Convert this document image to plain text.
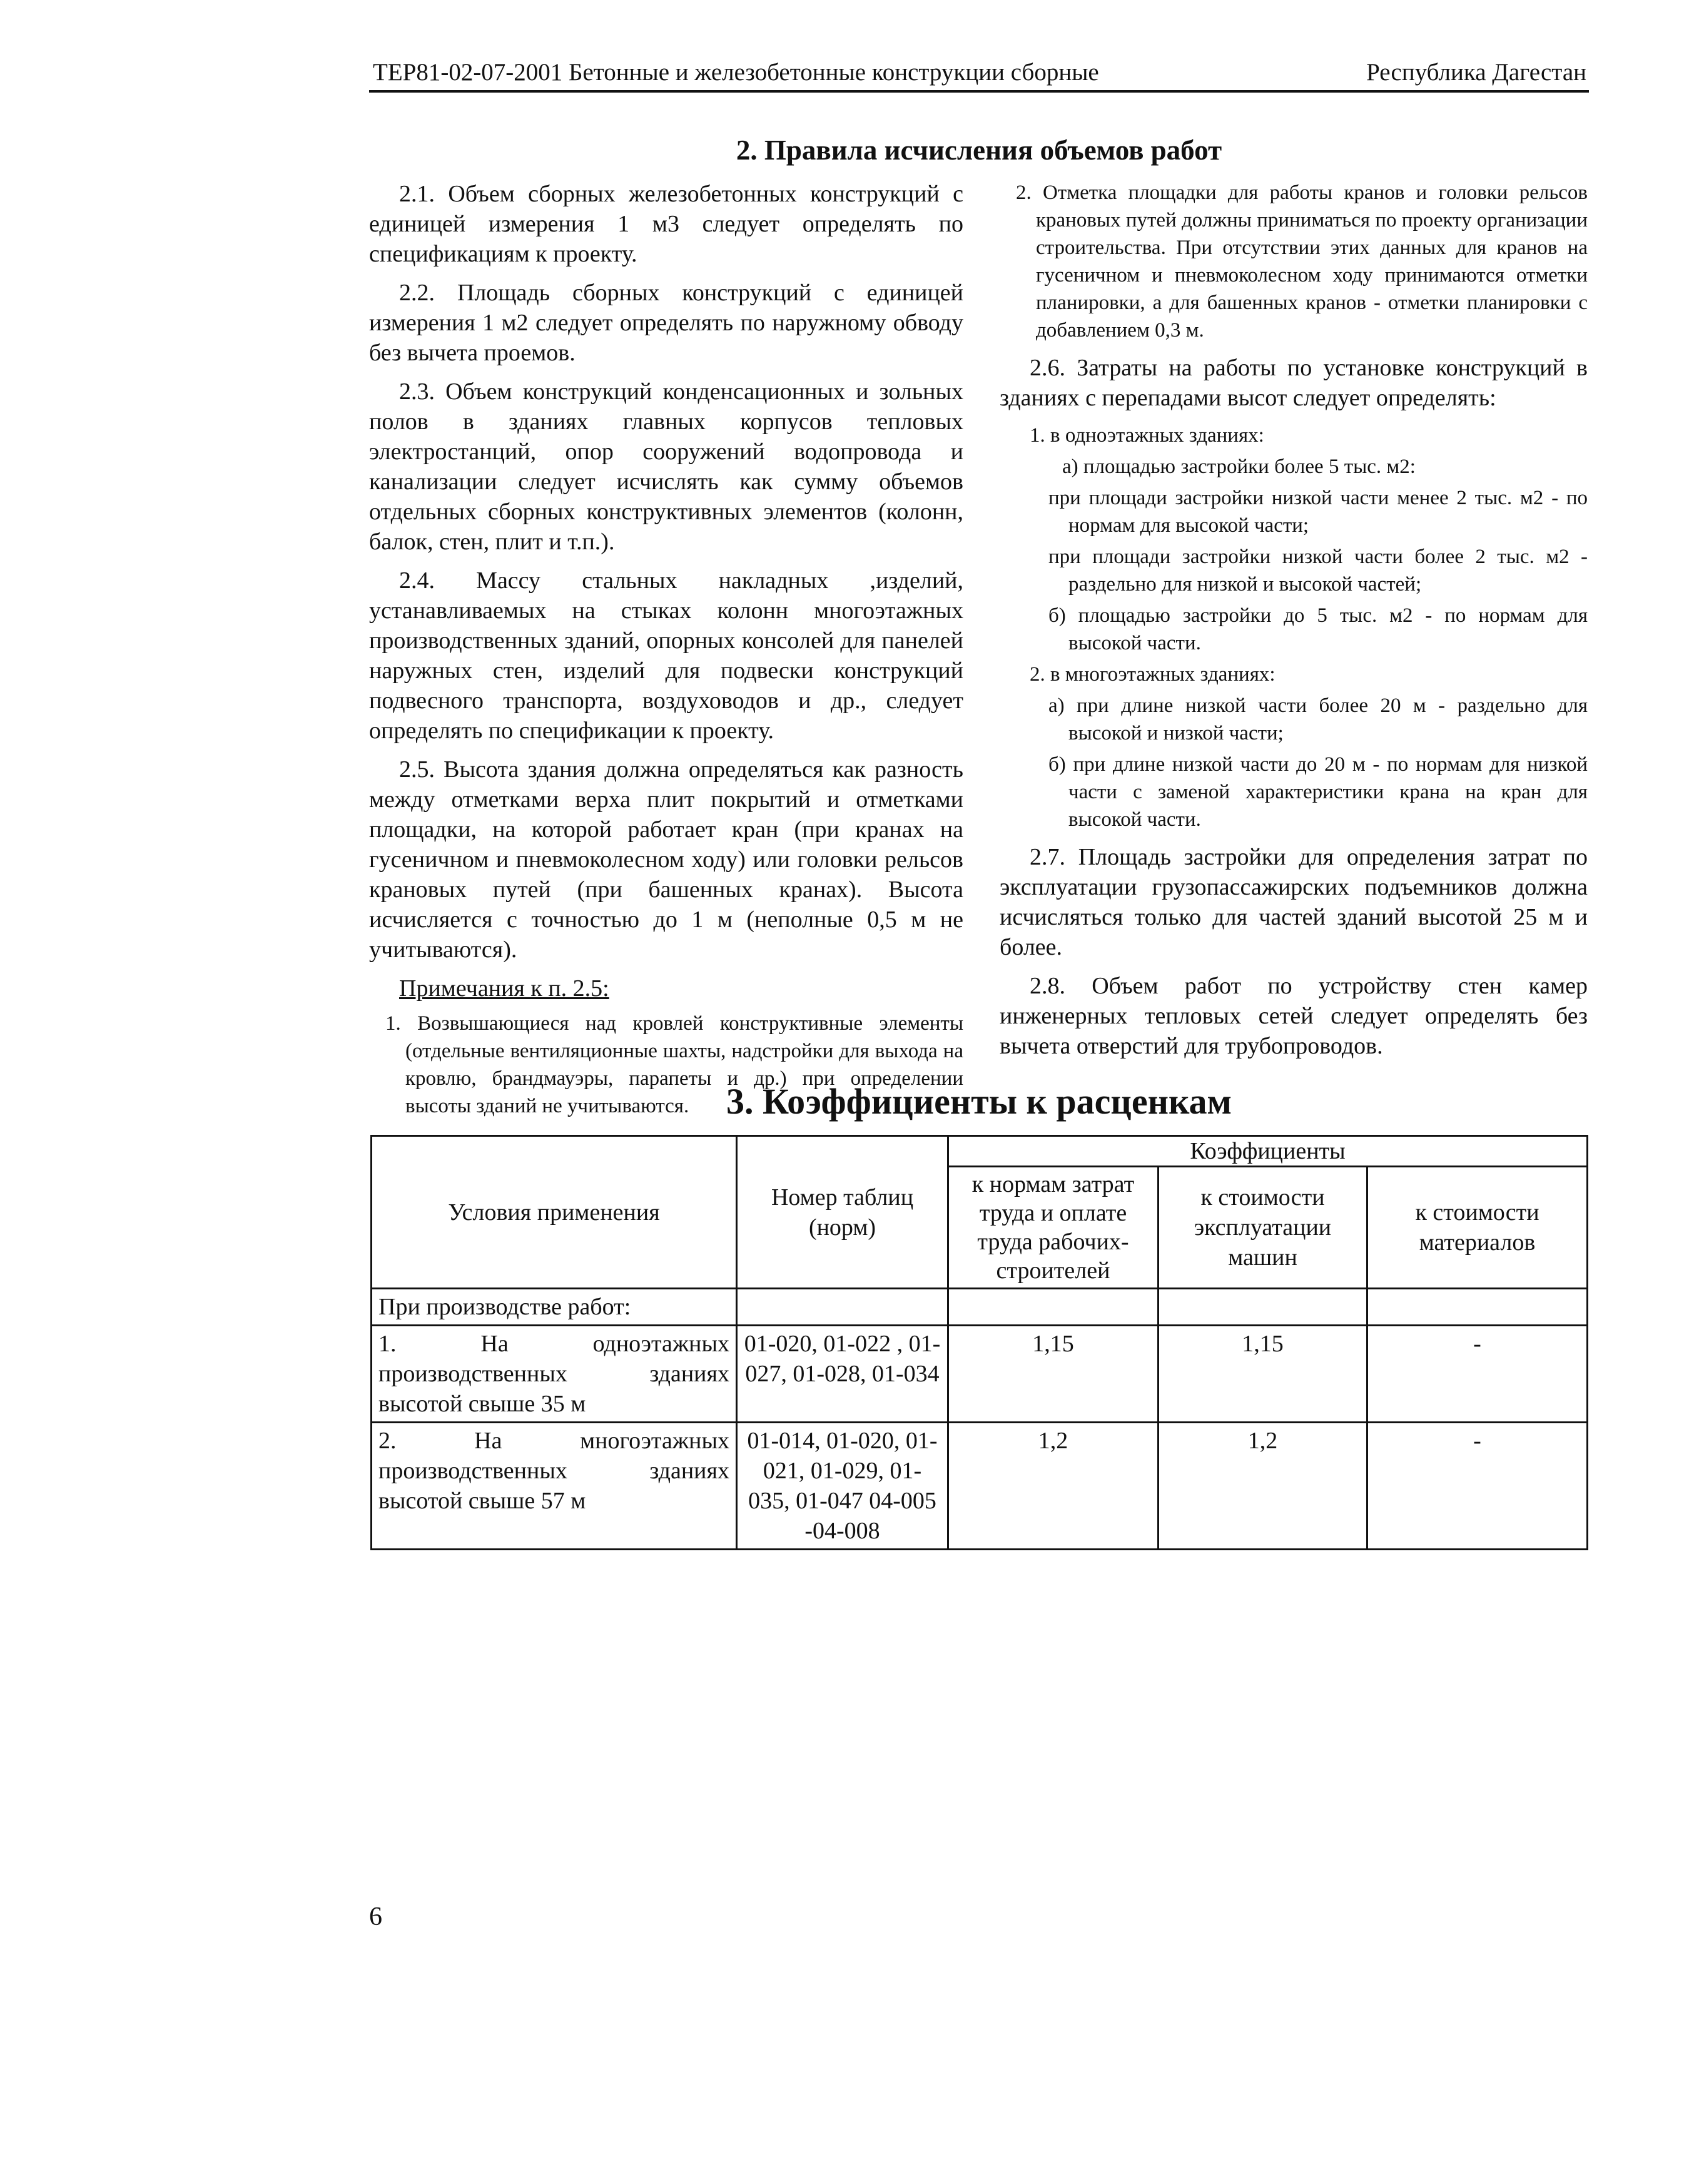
ТЕР81-02-07-2001 Бетонные и железобетонные конструкции сборные	Республика Дагестан
2. Правила исчисления объемов работ

2.1. Объем сборных железобетонных конструкций с единицей измерения 1 м3 следует определять по спецификациям к проекту.

2.2. Площадь сборных конструкций с единицей измерения 1 м2 следует определять по наружному обводу без вычета проемов.

2.3. Объем конструкций конденсационных и зольных полов в зданиях главных корпусов тепловых электростанций, опор сооружений водопровода и канализации следует исчислять как сумму объемов отдельных сборных конструктивных элементов (колонн, балок, стен, плит и т.п.).

2.4. Массу стальных накладных ,изделий, устанавливаемых на стыках колонн многоэтажных производственных зданий, опорных консолей для панелей наружных стен, изделий для подвески конструкций подвесного транспорта, воздуховодов и др., следует определять по спецификации к проекту.

2.5. Высота здания должна определяться как разность между отметками верха плит покрытий и отметками площадки, на которой работает кран (при кранах на гусеничном и пневмоколесном ходу) или головки рельсов крановых путей (при башенных кранах). Высота исчисляется с точностью до 1 м (неполные 0,5 м не учитываются).

Примечания к п. 2.5:

1. Возвышающиеся над кровлей конструктивные элементы (отдельные вентиляционные шахты, надстройки для выхода на кровлю, брандмауэры, парапеты и др.) при определении высоты зданий не учитываются.

2. Отметка площадки для работы кранов и головки рельсов крановых путей должны приниматься по проекту организации строительства. При отсутствии этих данных для кранов на гусеничном и пневмоколесном ходу принимаются отметки планировки, а для башенных кранов - отметки планировки с добавлением 0,3 м.

2.6. Затраты на работы по установке конструкций в зданиях с перепадами высот следует определять:

1. в одноэтажных зданиях:

а) площадью застройки более 5 тыс. м2:

при площади застройки низкой части менее 2 тыс. м2 - по нормам для высокой части;

при площади застройки низкой части более 2 тыс. м2 - раздельно для низкой и высокой частей;

б) площадью застройки до 5 тыс. м2 - по нормам для высокой части.

2. в многоэтажных зданиях:

а) при длине низкой части более 20 м - раздельно для высокой и низкой части;

б) при длине низкой части до 20 м - по нормам для низкой части с заменой характеристики крана на кран для высокой части.

2.7. Площадь застройки для определения затрат по эксплуатации грузопассажирских подъемников должна исчисляться только для частей зданий высотой 25 м и более.

2.8. Объем работ по устройству стен камер инженерных тепловых сетей следует определять без вычета отверстий для трубопроводов.

3. Коэффициенты к расценкам
Условия применения	Номер таблиц (норм)	Коэффициенты		
		к нормам затрат труда и оплате труда рабочих-строителей	к стоимости эксплуатации машин	к стоимости материалов
При производстве работ:				
1. На одноэтажных производственных зданиях высотой свыше 35 м	01-020, 01-022 , 01-027, 01-028, 01-034	1,15	1,15	-
2. На многоэтажных производственных зданиях высотой свыше 57 м	01-014, 01-020, 01-021, 01-029, 01-035, 01-047 04-005 -04-008	1,2	1,2	-
6
